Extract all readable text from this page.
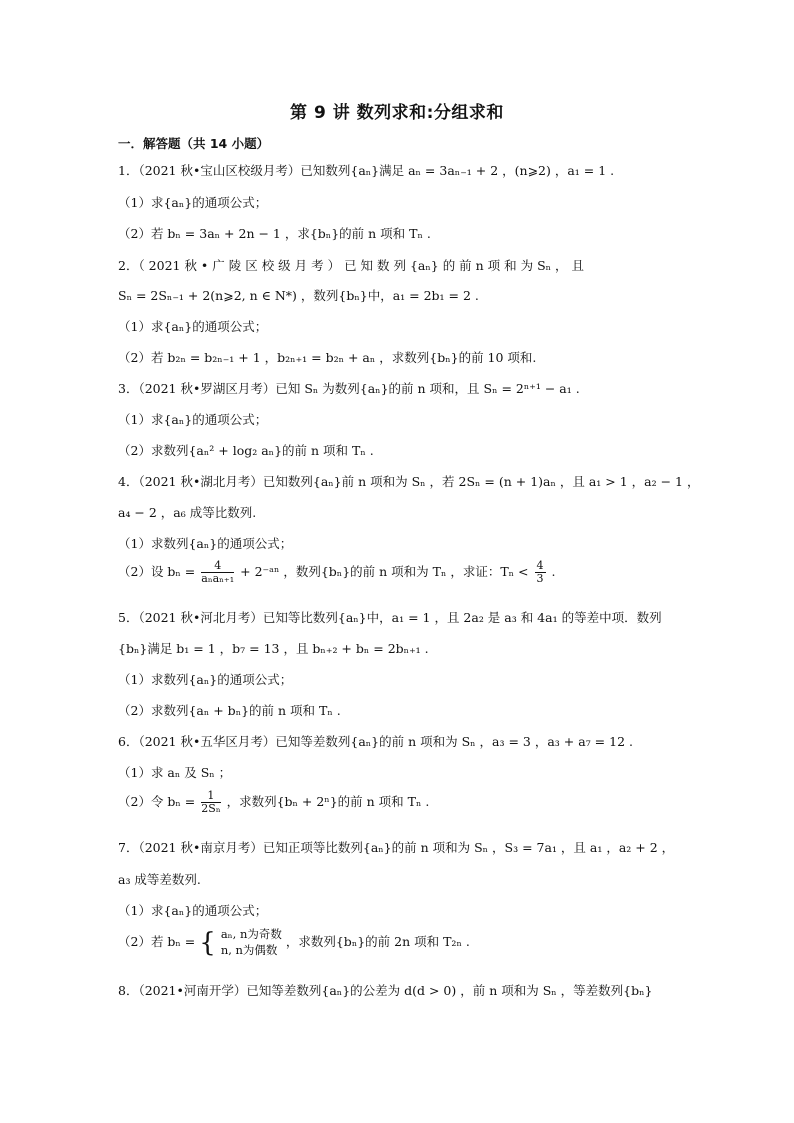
第 9 讲 数列求和:分组求和
一．解答题（共 14 小题）
1．（2021 秋•宝山区校级月考）已知数列{aₙ}满足 aₙ = 3aₙ₋₁ + 2 ，(n⩾2) ，a₁ = 1 .
（1）求{aₙ}的通项公式；
（2）若 bₙ = 3aₙ + 2n − 1 ，求{bₙ}的前 n 项和 Tₙ .
2．（ 2021 秋 • 广 陵 区 校 级 月 考 ） 已 知 数 列 {aₙ} 的 前 n 项 和 为 Sₙ ， 且
Sₙ = 2Sₙ₋₁ + 2(n⩾2, n ∈ N*) ，数列{bₙ}中，a₁ = 2b₁ = 2 .
（1）求{aₙ}的通项公式；
（2）若 b₂ₙ = b₂ₙ₋₁ + 1 ，b₂ₙ₊₁ = b₂ₙ + aₙ ，求数列{bₙ}的前 10 项和.
3．（2021 秋•罗湖区月考）已知 Sₙ 为数列{aₙ}的前 n 项和，且 Sₙ = 2ⁿ⁺¹ − a₁ .
（1）求{aₙ}的通项公式；
（2）求数列{aₙ² + log₂ aₙ}的前 n 项和 Tₙ .
4．（2021 秋•湖北月考）已知数列{aₙ}前 n 项和为 Sₙ ，若 2Sₙ = (n + 1)aₙ ，且 a₁ > 1 ，a₂ − 1 ，
a₄ − 2 ，a₆ 成等比数列.
（1）求数列{aₙ}的通项公式；
（2）设 $b_n = \frac{4}{\text{aₙaₙ₊₁}}$ + 2⁻ᵃⁿ ，数列{bₙ}的前 n 项和为 Tₙ ，求证：$T_n < \frac{4}{3}$ .
5．（2021 秋•河北月考）已知等比数列{aₙ}中，a₁ = 1 ，且 2a₂ 是 a₃ 和 4a₁ 的等差中项．数列
{bₙ}满足 b₁ = 1 ，b₇ = 13 ，且 bₙ₊₂ + bₙ = 2bₙ₊₁ .
（1）求数列{aₙ}的通项公式；
（2）求数列{aₙ + bₙ}的前 n 项和 Tₙ .
6．（2021 秋•五华区月考）已知等差数列{aₙ}的前 n 项和为 Sₙ ，a₃ = 3 ，a₃ + a₇ = 12 .
（1）求 aₙ 及 Sₙ ；
（2）令 $b_n = \frac{1}{\text{2Sₙ}}$ ，求数列{bₙ + 2ⁿ}的前 n 项和 Tₙ .
7．（2021 秋•南京月考）已知正项等比数列{aₙ}的前 n 项和为 Sₙ ，S₃ = 7a₁ ，且 a₁ ，a₂ + 2 ，
a₃ 成等差数列.
（1）求{aₙ}的通项公式；
（2）若 bₙ = { aₙ, n为奇数
n, n为偶数
，求数列{bₙ}的前 2n 项和 T₂ₙ .
8．（2021•河南开学）已知等差数列{aₙ}的公差为 d(d > 0) ，前 n 项和为 Sₙ ，等差数列{bₙ}
